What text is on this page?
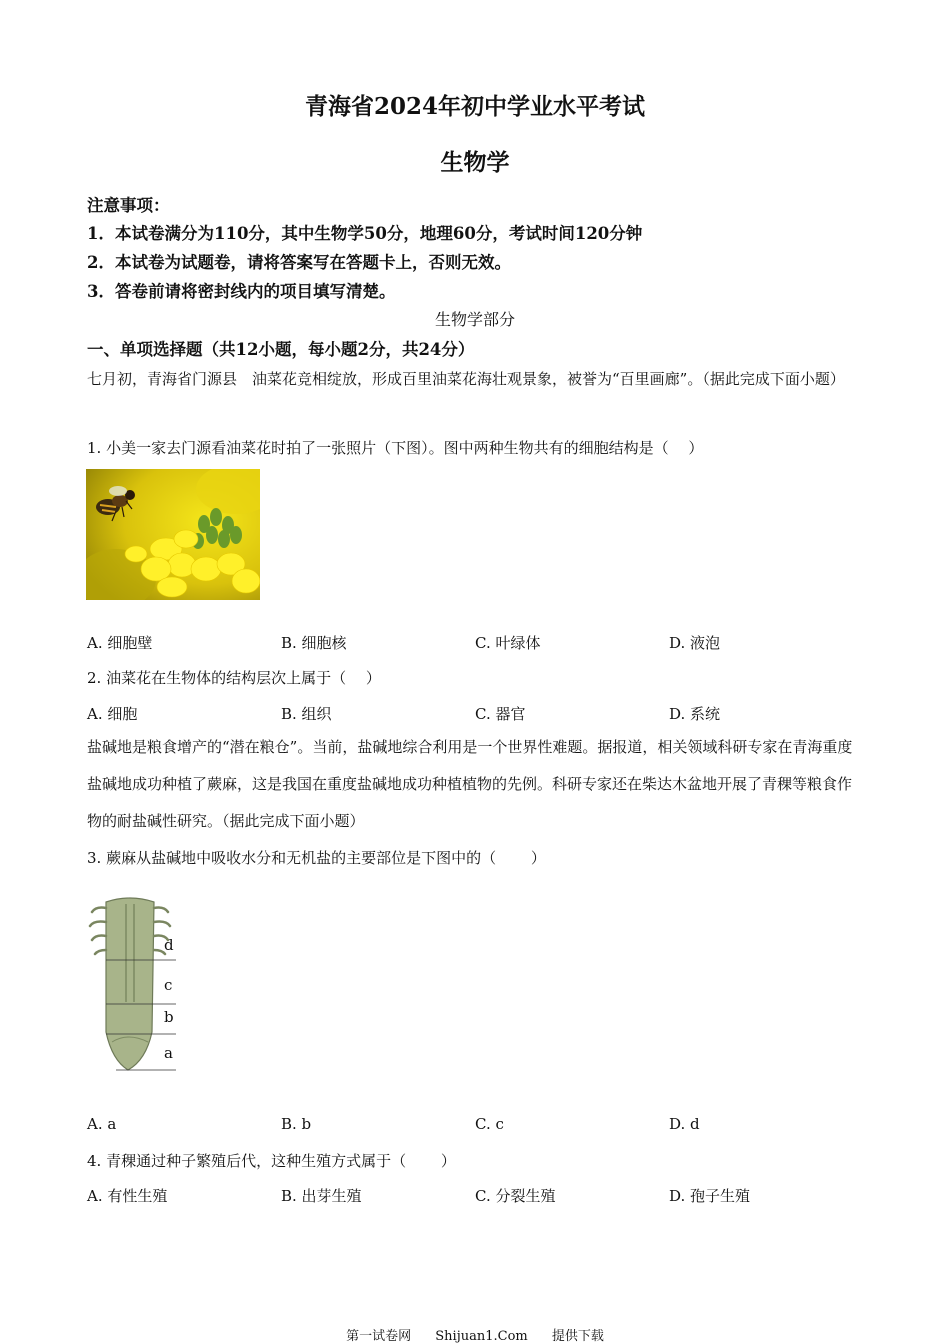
青海省2024年初中学业水平考试
生物学
注意事项：
1．本试卷满分为110分，其中生物学50分，地理60分，考试时间120分钟
2．本试卷为试题卷，请将答案写在答题卡上，否则无效。
3．答卷前请将密封线内的项目填写清楚。
生物学部分
一、单项选择题（共12小题，每小题2分，共24分）
七月初，青海省门源县　油菜花竞相绽放，形成百里油菜花海壮观景象，被誉为“百里画廊”。（据此完成下面小题）
1. 小美一家去门源看油菜花时拍了一张照片（下图）。图中两种生物共有的细胞结构是（　 ）
A. 细胞壁	B. 细胞核	C. 叶绿体	D. 液泡
2. 油菜花在生物体的结构层次上属于（　 ）
A. 细胞	B. 组织	C. 器官	D. 系统
盐碱地是粮食增产的“潜在粮仓”。当前，盐碱地综合利用是一个世界性难题。据报道，相关领域科研专家在青海重度盐碱地成功种植了蕨麻，这是我国在重度盐碱地成功种植植物的先例。科研专家还在柴达木盆地开展了青稞等粮食作物的耐盐碱性研究。（据此完成下面小题）
3. 蕨麻从盐碱地中吸收水分和无机盐的主要部位是下图中的（　　 ）
d
c
b
a
A. a	B. b	C. c	D. d
4. 青稞通过种子繁殖后代，这种生殖方式属于（　　 ）
A. 有性生殖	B. 出芽生殖	C. 分裂生殖	D. 孢子生殖
第一试卷网 Shijuan1.Com 提供下载
